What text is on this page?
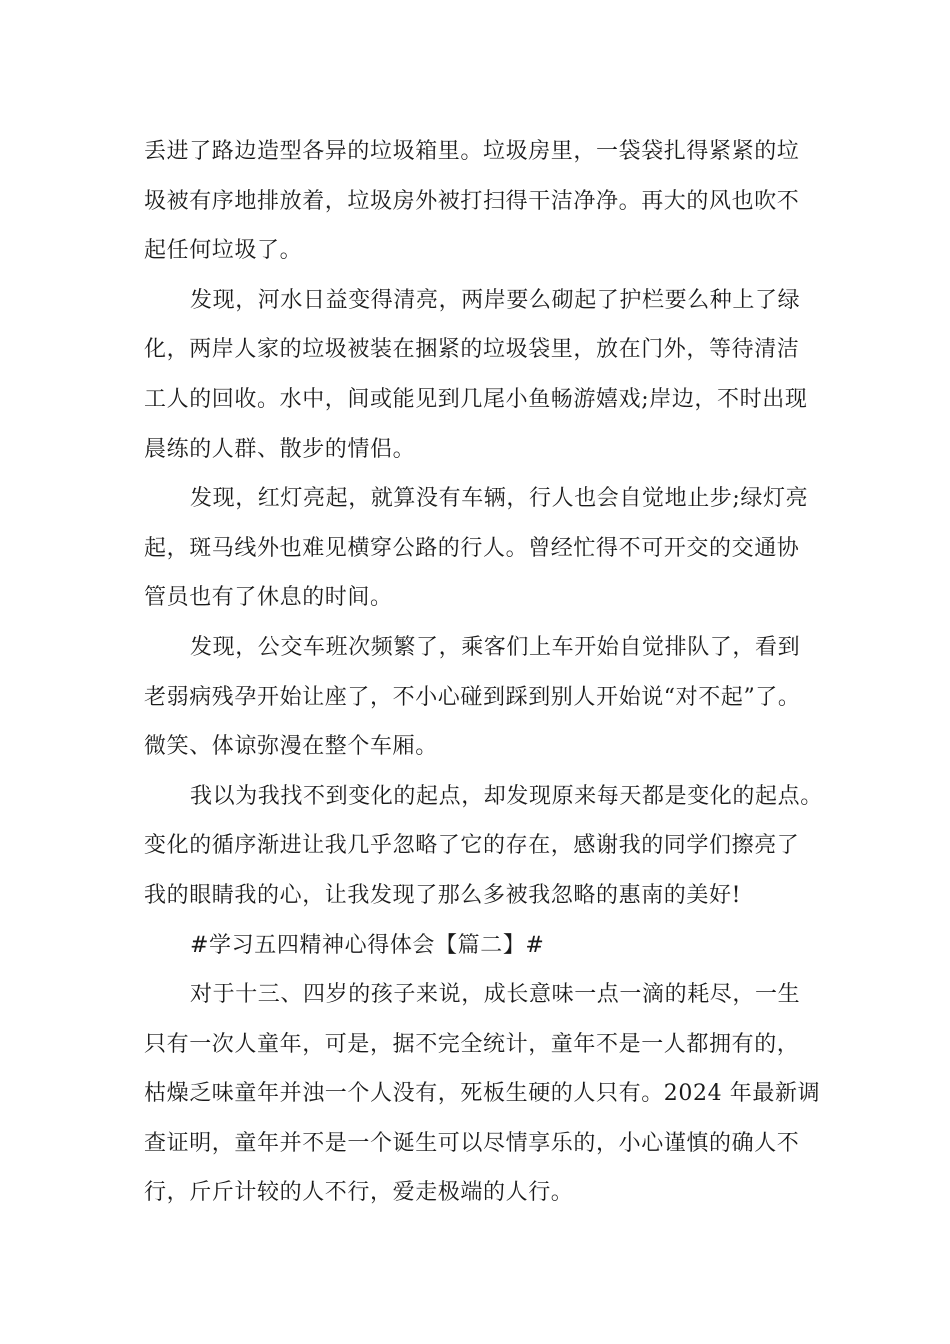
丢进了路边造型各异的垃圾箱里。垃圾房里，一袋袋扎得紧紧的垃
圾被有序地排放着，垃圾房外被打扫得干洁净净。再大的风也吹不
起任何垃圾了。
发现，河水日益变得清亮，两岸要么砌起了护栏要么种上了绿
化，两岸人家的垃圾被装在捆紧的垃圾袋里，放在门外，等待清洁
工人的回收。水中，间或能见到几尾小鱼畅游嬉戏;岸边，不时出现
晨练的人群、散步的情侣。
发现，红灯亮起，就算没有车辆，行人也会自觉地止步;绿灯亮
起，斑马线外也难见横穿公路的行人。曾经忙得不可开交的交通协
管员也有了休息的时间。
发现，公交车班次频繁了，乘客们上车开始自觉排队了，看到
老弱病残孕开始让座了，不小心碰到踩到别人开始说“对不起”了。
微笑、体谅弥漫在整个车厢。
我以为我找不到变化的起点，却发现原来每天都是变化的起点。
变化的循序渐进让我几乎忽略了它的存在，感谢我的同学们擦亮了
我的眼睛我的心，让我发现了那么多被我忽略的惠南的美好!
#学习五四精神心得体会【篇二】#
对于十三、四岁的孩子来说，成长意味一点一滴的耗尽，一生
只有一次人童年，可是，据不完全统计，童年不是一人都拥有的，
枯燥乏味童年并浊一个人没有，死板生硬的人只有。2024 年最新调
查证明，童年并不是一个诞生可以尽情享乐的，小心谨慎的确人不
行，斤斤计较的人不行，爱走极端的人行。
